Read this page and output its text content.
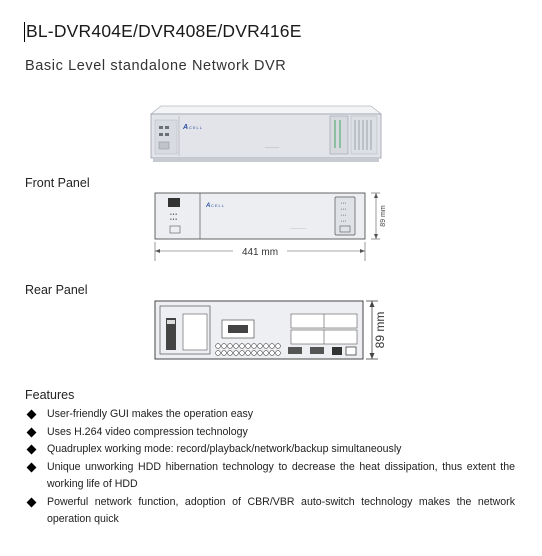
BL-DVR404E/DVR408E/DVR416E
Basic Level standalone Network DVR
A CELL
~~~~~~~~
Front Panel
● ● ●
● ● ●
A CELL
~~~~~~~~~
▪ ▪ ▪
▪ ▪ ▪
▪ ▪ ▪
▪ ▪ ▪	89 mm
441 mm
Rear Panel
89 mm
Features
User-friendly GUI makes the operation easy
Uses H.264 video compression technology
Quadruplex working mode: record/playback/network/backup simultaneously
Unique unworking HDD hibernation technology to decrease the heat dissipation, thus extent the working life of HDD
Powerful network function, adoption of CBR/VBR auto-switch technology makes the network operation quick
